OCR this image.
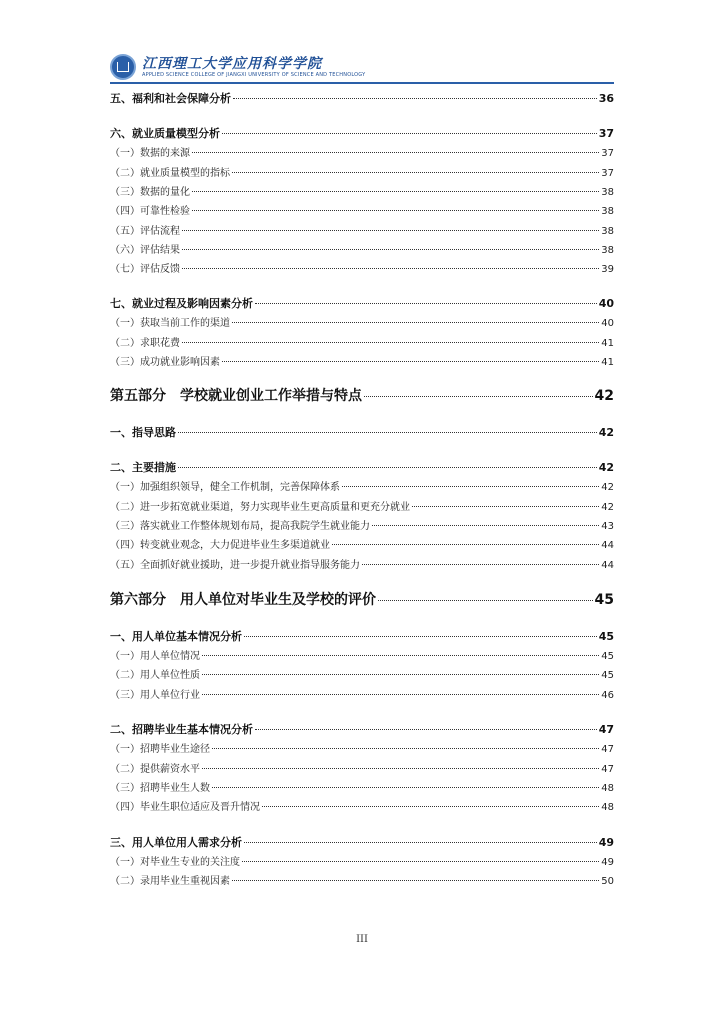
江西理工大学应用科学学院
APPLIED SCIENCE COLLEGE OF JIANGXI UNIVERSITY OF SCIENCE AND TECHNOLOGY
五、福利和社会保障分析	36
六、就业质量模型分析	37
（一）数据的来源	37
（二）就业质量模型的指标	37
（三）数据的量化	38
（四）可靠性检验	38
（五）评估流程	38
（六）评估结果	38
（七）评估反馈	39
七、就业过程及影响因素分析	40
（一）获取当前工作的渠道	40
（二）求职花费	41
（三）成功就业影响因素	41
第五部分　学校就业创业工作举措与特点	42
一、指导思路	42
二、主要措施	42
（一）加强组织领导，健全工作机制，完善保障体系	42
（二）进一步拓宽就业渠道，努力实现毕业生更高质量和更充分就业	42
（三）落实就业工作整体规划布局，提高我院学生就业能力	43
（四）转变就业观念，大力促进毕业生多渠道就业	44
（五）全面抓好就业援助，进一步提升就业指导服务能力	44
第六部分　用人单位对毕业生及学校的评价	45
一、用人单位基本情况分析	45
（一）用人单位情况	45
（二）用人单位性质	45
（三）用人单位行业	46
二、招聘毕业生基本情况分析	47
（一）招聘毕业生途径	47
（二）提供薪资水平	47
（三）招聘毕业生人数	48
（四）毕业生职位适应及晋升情况	48
三、用人单位用人需求分析	49
（一）对毕业生专业的关注度	49
（二）录用毕业生重视因素	50
III
